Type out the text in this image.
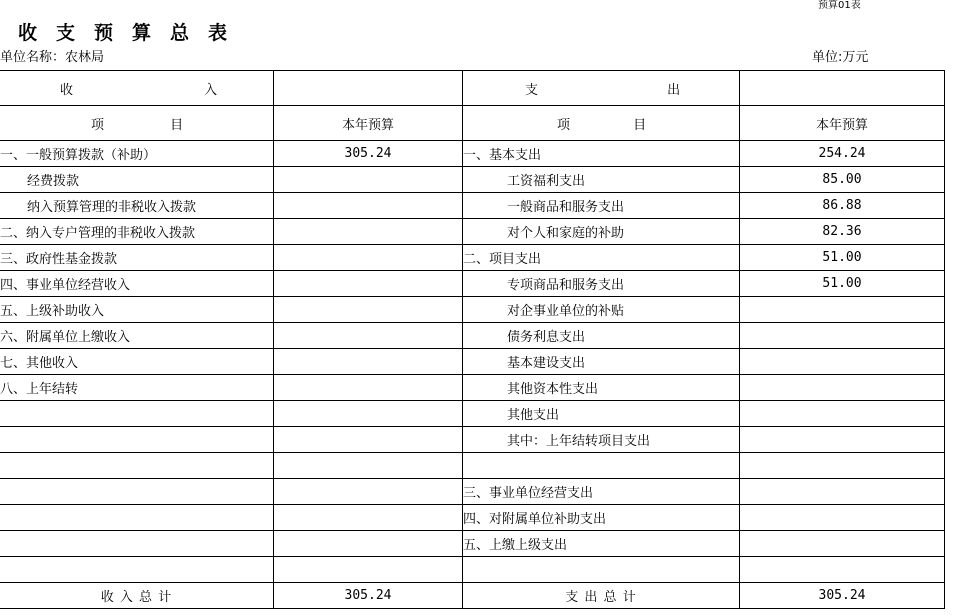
预算01表
收支预算总表
单位名称：农林局	单位:万元
收 入		支 出	
项 目	本年预算	项 目	本年预算
一、一般预算拨款（补助）	305.24	一、基本支出	254.24
经费拨款		工资福利支出	85.00
纳入预算管理的非税收入拨款		一般商品和服务支出	86.88
二、纳入专户管理的非税收入拨款		对个人和家庭的补助	82.36
三、政府性基金拨款		二、项目支出	51.00
四、事业单位经营收入		专项商品和服务支出	51.00
五、上级补助收入		对企事业单位的补贴	
六、附属单位上缴收入		债务利息支出	
七、其他收入		基本建设支出	
八、上年结转		其他资本性支出	
		其他支出	
		其中：上年结转项目支出	

		三、事业单位经营支出	
		四、对附属单位补助支出	
		五、上缴上级支出	

收 入 总 计	305.24	支 出 总 计	305.24
